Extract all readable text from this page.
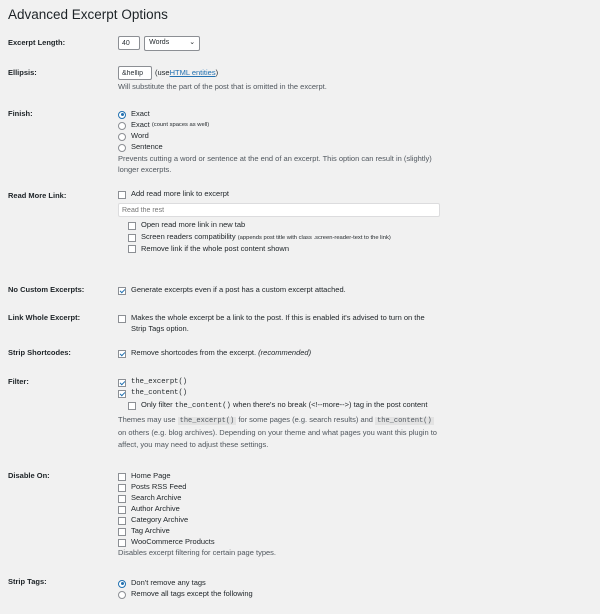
Advanced Excerpt Options
Excerpt Length:
40	Words	⌄
Ellipsis:
&hellip	(use HTML entities )
Will substitute the part of the post that is omitted in the excerpt.
Finish:	Exact
Exact
(count spaces as well)
Word
Sentence
Prevents cutting a word or sentence at the end of an excerpt. This option can result in (slightly) longer excerpts.
Read More Link:	Add read more link to excerpt
Read the rest
Open read more link in new tab
Screen readers compatibility (appends post title with class .screen-reader-text to the link)
Remove link if the whole post content shown
No Custom Excerpts:	Generate excerpts even if a post has a custom excerpt attached.
Link Whole Excerpt:	Makes the whole excerpt be a link to the post. If this is enabled it's advised to turn on the Strip Tags option.
Strip Shortcodes:	Remove shortcodes from the excerpt.
(recommended)
Filter:	the_excerpt()
the_content()
Only filter the_content() when there's no break (<!--more-->) tag in the post content
Themes may use the_excerpt() for some pages (e.g. search results) and the_content() on others (e.g. blog archives). Depending on your theme and what pages you want this plugin to affect, you may need to adjust these settings.
Disable On:	Home Page
Posts RSS Feed
Search Archive
Author Archive
Category Archive
Tag Archive
WooCommerce Products
Disables excerpt filtering for certain page types.
Strip Tags:	Don't remove any tags
Remove all tags except the following
